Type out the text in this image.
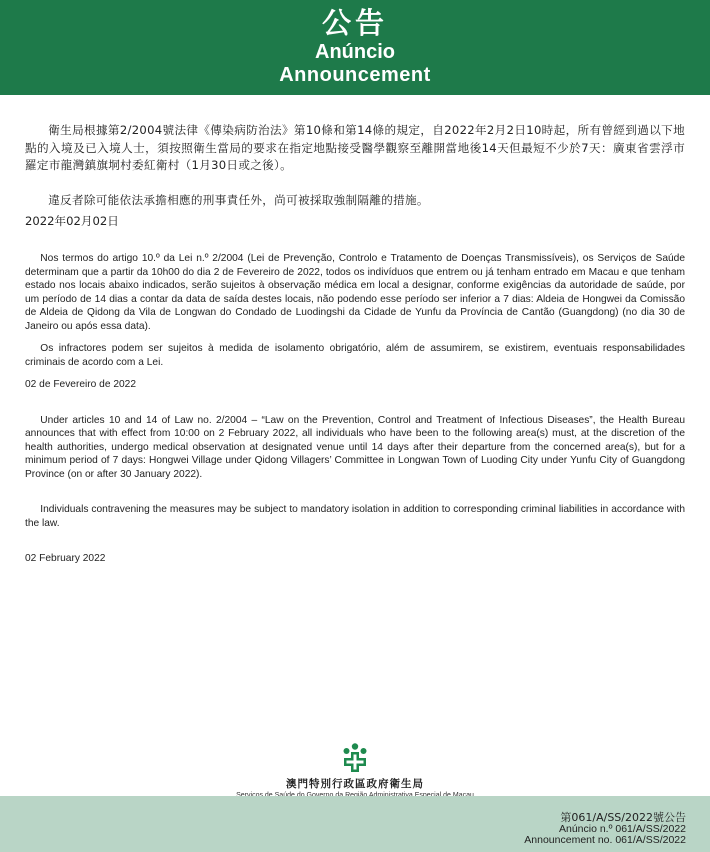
公告
Anúncio
Announcement

衛生局根據第2/2004號法律《傳染病防治法》第10條和第14條的規定，自2022年2月2日10時起，所有曾經到過以下地點的入境及已入境人士，須按照衛生當局的要求在指定地點接受醫學觀察至離開當地後14天但最短不少於7天：廣東省雲浮市羅定市龍灣鎮旗垌村委紅衛村（1月30日或之後）。

違反者除可能依法承擔相應的刑事責任外，尚可被採取強制隔離的措施。

2022年02月02日

Nos termos do artigo 10.º da Lei n.º 2/2004 (Lei de Prevenção, Controlo e Tratamento de Doenças Transmissíveis), os Serviços de Saúde determinam que a partir da 10h00 do dia 2 de Fevereiro de 2022, todos os indivíduos que entrem ou já tenham entrado em Macau e que tenham estado nos locais abaixo indicados, serão sujeitos à observação médica em local a designar, conforme exigências da autoridade de saúde, por um período de 14 dias a contar da data de saída destes locais, não podendo esse período ser inferior a 7 dias: Aldeia de Hongwei da Comissão de Aldeia de Qidong da Vila de Longwan do Condado de Luodingshi da Cidade de Yunfu da Província de Cantão (Guangdong) (no dia 30 de Janeiro ou após essa data).

Os infractores podem ser sujeitos à medida de isolamento obrigatório, além de assumirem, se existirem, eventuais responsabilidades criminais de acordo com a Lei.

02 de Fevereiro de 2022

Under articles 10 and 14 of Law no. 2/2004 – “Law on the Prevention, Control and Treatment of Infectious Diseases”, the Health Bureau announces that with effect from 10:00 on 2 February 2022, all individuals who have been to the following area(s) must, at the discretion of the health authorities, undergo medical observation at designated venue until 14 days after their departure from the concerned area(s), but for a minimum period of 7 days: Hongwei Village under Qidong Villagers’ Committee in Longwan Town of Luoding City under Yunfu City of Guangdong Province (on or after 30 January 2022).

Individuals contravening the measures may be subject to mandatory isolation in addition to corresponding criminal liabilities in accordance with the law.

02 February 2022

澳門特別行政區政府衛生局
第061/A/SS/2022號公告
Anúncio n.º 061/A/SS/2022
Announcement no. 061/A/SS/2022
